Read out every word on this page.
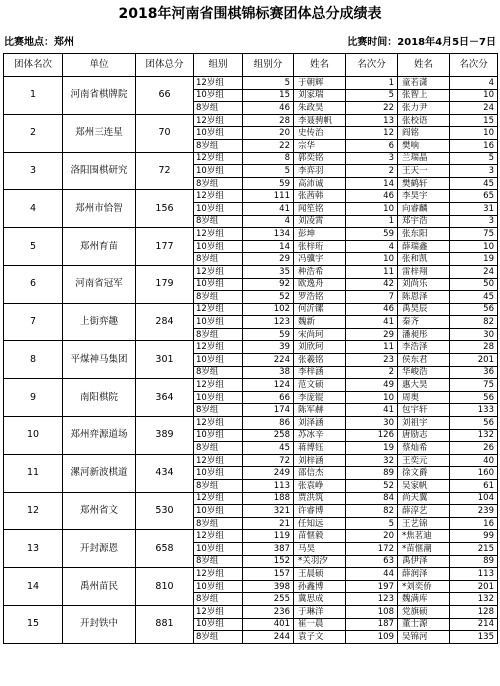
2018年河南省围棋锦标赛团体总分成绩表
比赛地点：郑州	比赛时间：2018年4月5日－7日
团体名次	单位	团体总分	组别	组别分	姓名	名次分	姓名	名次分
1	河南省棋牌院	66	12岁组	5	于朝辉	1	童若潇	4
			10岁组	15	刘家瑞	5	张智上	10
			8岁组	46	朱政昊	22	张力尹	24
2	郑州三连星	70	12岁组	28	李聂骋帆	13	张校语	15
			10岁组	20	史传治	12	阎铭	10
			8岁组	22	宗华	6	樊响	16
3	洛阳围棋研究	72	12岁组	8	郭奕铭	3	兰瑞晶	5
			10岁组	5	李弈羽	2	王天一	3
			8岁组	59	高沛诚	14	樊鹤轩	45
4	郑州市恰智	156	12岁组	111	张茜韩	46	李昊宇	65
			10岁组	41	闻笙铭	10	向睿麟	31
			8岁组	4	刘凌霄	1	郑宇浩	3
5	郑州育苗	177	12岁组	134	彭坤	59	张东阳	75
			10岁组	14	张梓珩	4	薛瑞鑫	10
			8岁组	29	冯骥宇	10	张和凯	19
6	河南省冠军	179	12岁组	35	种浩希	11	雷梓翔	24
			10岁组	92	欧逸舟	42	刘尚乐	50
			8岁组	52	罗浩铭	7	陈恩泽	45
7	上街弈趣	284	12岁组	102	何沂镙	46	禹昊辰	56
			10岁组	123	魏新	41	秦齐	82
			8岁组	59	宋尚珂	29	潘昶彤	30
8	平煤神马集团	301	12岁组	39	刘欣珂	11	李浩泽	28
			10岁组	224	张羲铭	23	侯东君	201
			8岁组	38	李梓涵	2	华峻浩	36
9	南阳棋院	364	12岁组	124	范文硕	49	惠大昊	75
			10岁组	66	李庞锟	10	周奥	56
			8岁组	174	陈军赫	41	包宇轩	133
10	郑州弈源道场	389	12岁组	86	刘泽涵	30	刘祖宇	56
			10岁组	258	苏冰辛	126	唐励志	132
			8岁组	45	蒋博钰	19	蔡灿希	26
11	漯河新波棋道	434	12岁组	72	刘梓涵	32	王奕元	40
			10岁组	249	邵信杰	89	徐文爵	160
			8岁组	113	张袁峥	52	吴家帆	61
12	郑州省文	530	12岁组	188	贾洪筑	84	尚天翼	104
			10岁组	321	许睿博	82	薛淳艺	239
			8岁组	21	任知远	5	王艺锦	16
13	开封源恩	658	12岁组	119	苗惬毅	20	*焦茗迪	99
			10岁组	387	马昊	172	*苗惬潮	215
			8岁组	152	*关羽汐	63	禹伊泽	89
14	禹州苗民	810	12岁组	157	王晨硕	44	薛润泽	113
			10岁组	398	孙鑫博	197	*刘奕侨	201
			8岁组	255	冀思成	123	魏满库	132
15	开封铁中	881	12岁组	236	于琳洋	108	党旗硕	128
			10岁组	401	崔一晨	187	董士源	214
			8岁组	244	袁子文	109	吴锦河	135
